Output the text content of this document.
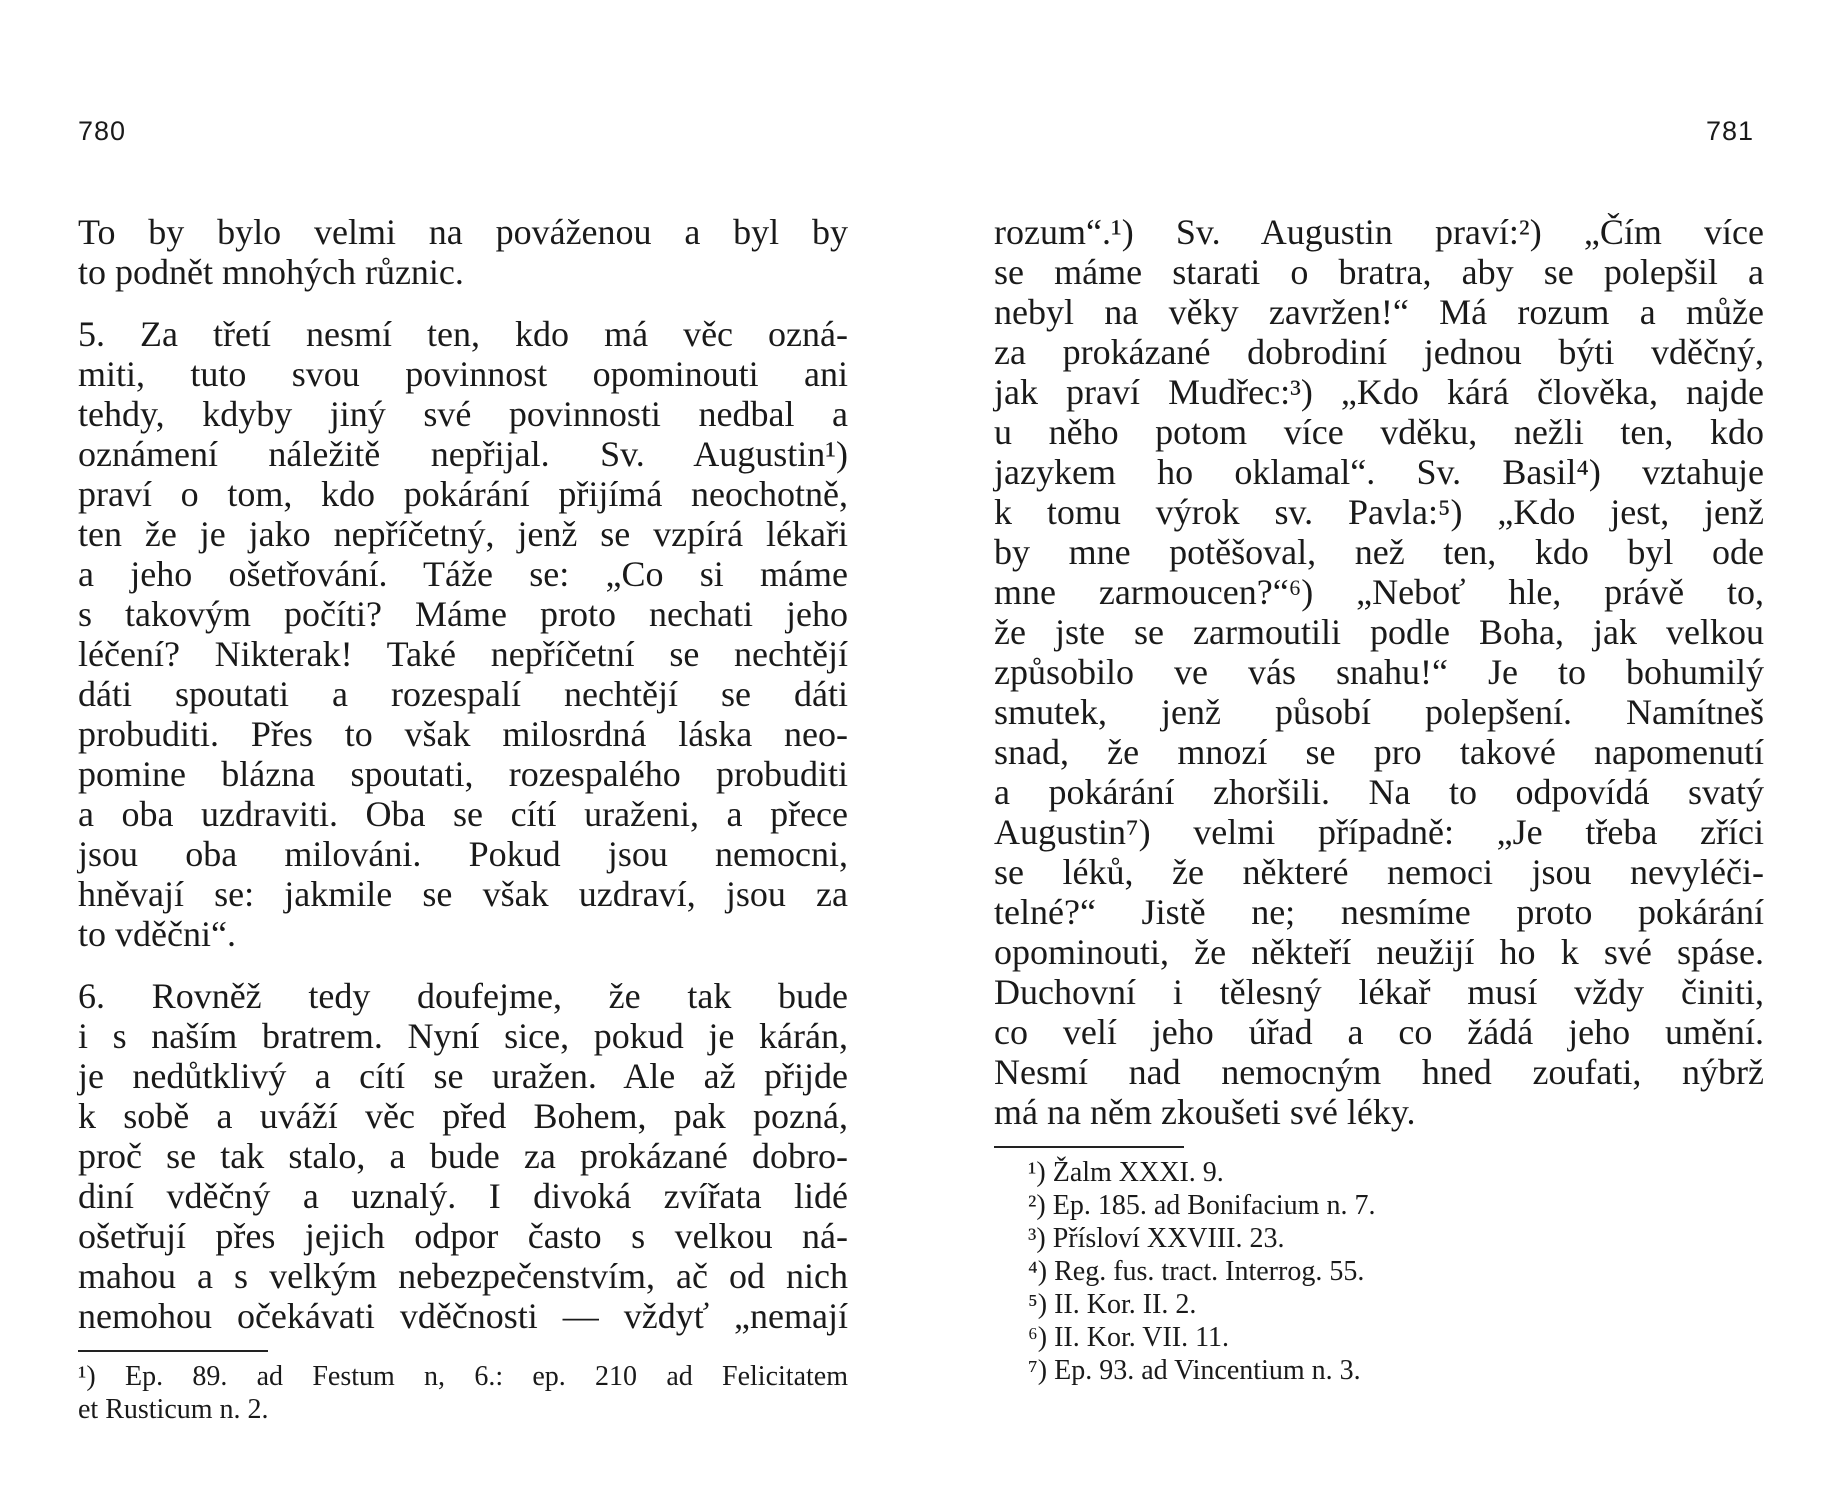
780
To by bylo velmi na pováženou a byl by
to podnět mnohých různic.
5. Za třetí nesmí ten, kdo má věc ozná-
miti, tuto svou povinnost opominouti ani
tehdy, kdyby jiný své povinnosti nedbal a
oznámení náležitě nepřijal. Sv. Augustin¹)
praví o tom, kdo pokárání přijímá neochotně,
ten že je jako nepříčetný, jenž se vzpírá lékaři
a jeho ošetřování. Táže se: „Co si máme
s takovým počíti? Máme proto nechati jeho
léčení? Nikterak! Také nepříčetní se nechtějí
dáti spoutati a rozespalí nechtějí se dáti
probuditi. Přes to však milosrdná láska neo-
pomine blázna spoutati, rozespalého probuditi
a oba uzdraviti. Oba se cítí uraženi, a přece
jsou oba milováni. Pokud jsou nemocni,
hněvají se: jakmile se však uzdraví, jsou za
to vděčni“.
6. Rovněž tedy doufejme, že tak bude
i s naším bratrem. Nyní sice, pokud je kárán,
je nedůtklivý a cítí se uražen. Ale až přijde
k sobě a uváží věc před Bohem, pak pozná,
proč se tak stalo, a bude za prokázané dobro-
diní vděčný a uznalý. I divoká zvířata lidé
ošetřují přes jejich odpor často s velkou ná-
mahou a s velkým nebezpečenstvím, ač od nich
nemohou očekávati vděčnosti — vždyť „nemají
¹) Ep. 89. ad Festum n, 6.: ep. 210 ad Felicitatem
et Rusticum n. 2.
781
rozum“.¹) Sv. Augustin praví:²) „Čím více
se máme starati o bratra, aby se polepšil a
nebyl na věky zavržen!“ Má rozum a může
za prokázané dobrodiní jednou býti vděčný,
jak praví Mudřec:³) „Kdo kárá člověka, najde
u něho potom více vděku, nežli ten, kdo
jazykem ho oklamal“. Sv. Basil⁴) vztahuje
k tomu výrok sv. Pavla:⁵) „Kdo jest, jenž
by mne potěšoval, než ten, kdo byl ode
mne zarmoucen?“⁶) „Neboť hle, právě to,
že jste se zarmoutili podle Boha, jak velkou
způsobilo ve vás snahu!“ Je to bohumilý
smutek, jenž působí polepšení. Namítneš
snad, že mnozí se pro takové napomenutí
a pokárání zhoršili. Na to odpovídá svatý
Augustin⁷) velmi případně: „Je třeba zříci
se léků, že některé nemoci jsou nevyléči-
telné?“ Jistě ne; nesmíme proto pokárání
opominouti, že někteří neužijí ho k své spáse.
Duchovní i tělesný lékař musí vždy činiti,
co velí jeho úřad a co žádá jeho umění.
Nesmí nad nemocným hned zoufati, nýbrž
má na něm zkoušeti své léky.
¹) Žalm XXXI. 9.
²) Ep. 185. ad Bonifacium n. 7.
³) Přísloví XXVIII. 23.
⁴) Reg. fus. tract. Interrog. 55.
⁵) II. Kor. II. 2.
⁶) II. Kor. VII. 11.
⁷) Ep. 93. ad Vincentium n. 3.
